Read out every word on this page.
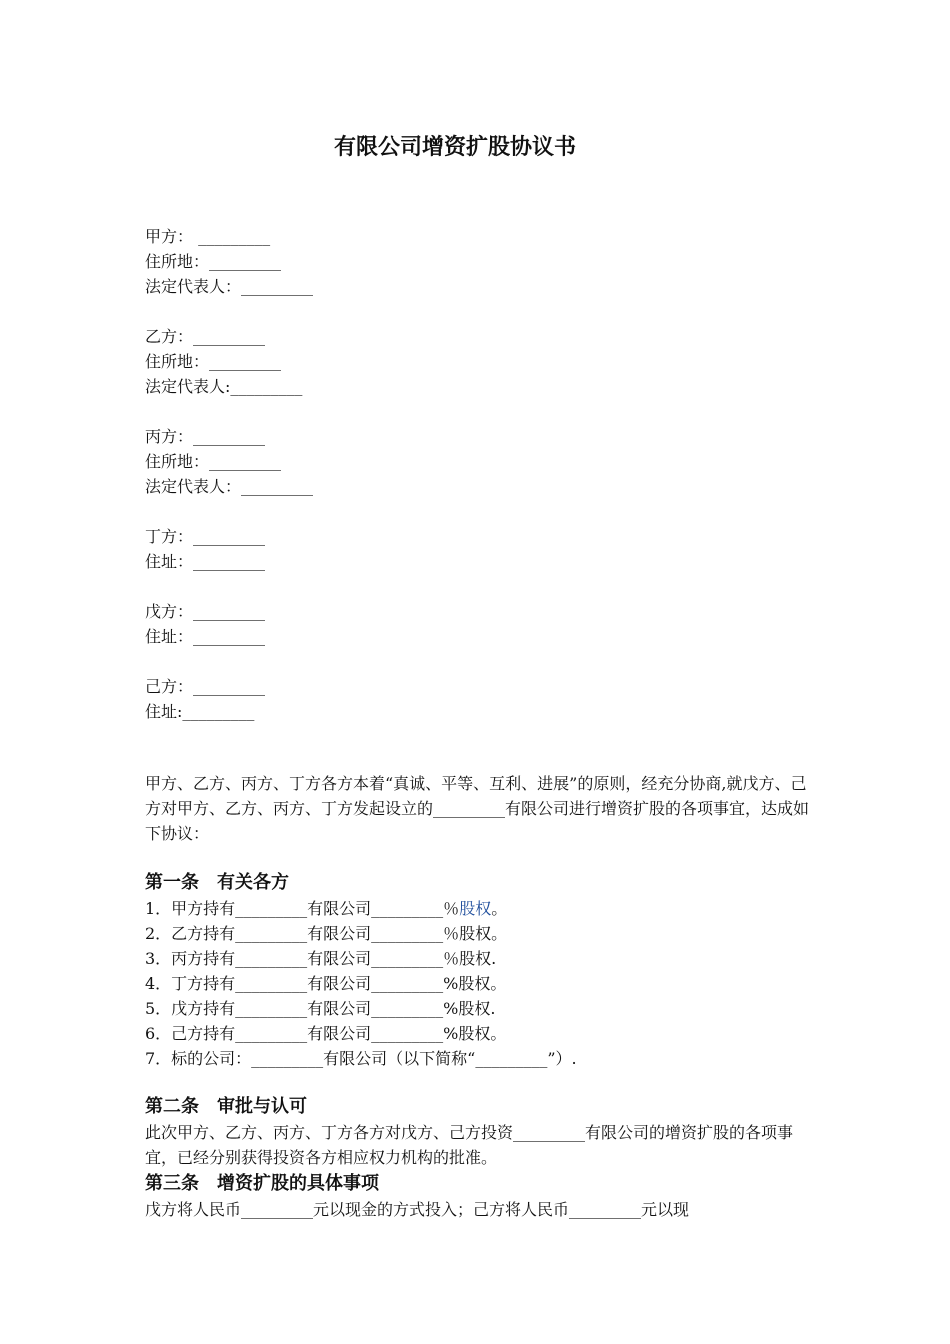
有限公司增资扩股协议书
甲方： _________
住所地：_________
法定代表人：_________
乙方：_________
住所地：_________
法定代表人:_________
丙方：_________
住所地：_________
法定代表人：_________
丁方：_________
住址：_________
戊方：_________
住址：_________
己方：_________
住址:_________
甲方、乙方、丙方、丁方各方本着“真诚、平等、互利、进展”的原则，经充分协商,就戊方、己方对甲方、乙方、丙方、丁方发起设立的_________有限公司进行增资扩股的各项事宜，达成如下协议：
第一条　有关各方
1．甲方持有_________有限公司_________％股权。
2．乙方持有_________有限公司_________％股权。
3．丙方持有_________有限公司_________％股权.
4．丁方持有_________有限公司_________%股权。
5．戊方持有_________有限公司_________%股权.
6．己方持有_________有限公司_________%股权。
7．标的公司：_________有限公司（以下简称“_________”）.
第二条　审批与认可
此次甲方、乙方、丙方、丁方各方对戊方、己方投资_________有限公司的增资扩股的各项事宜，已经分别获得投资各方相应权力机构的批准。
第三条　增资扩股的具体事项
戊方将人民币_________元以现金的方式投入；己方将人民币_________元以现
